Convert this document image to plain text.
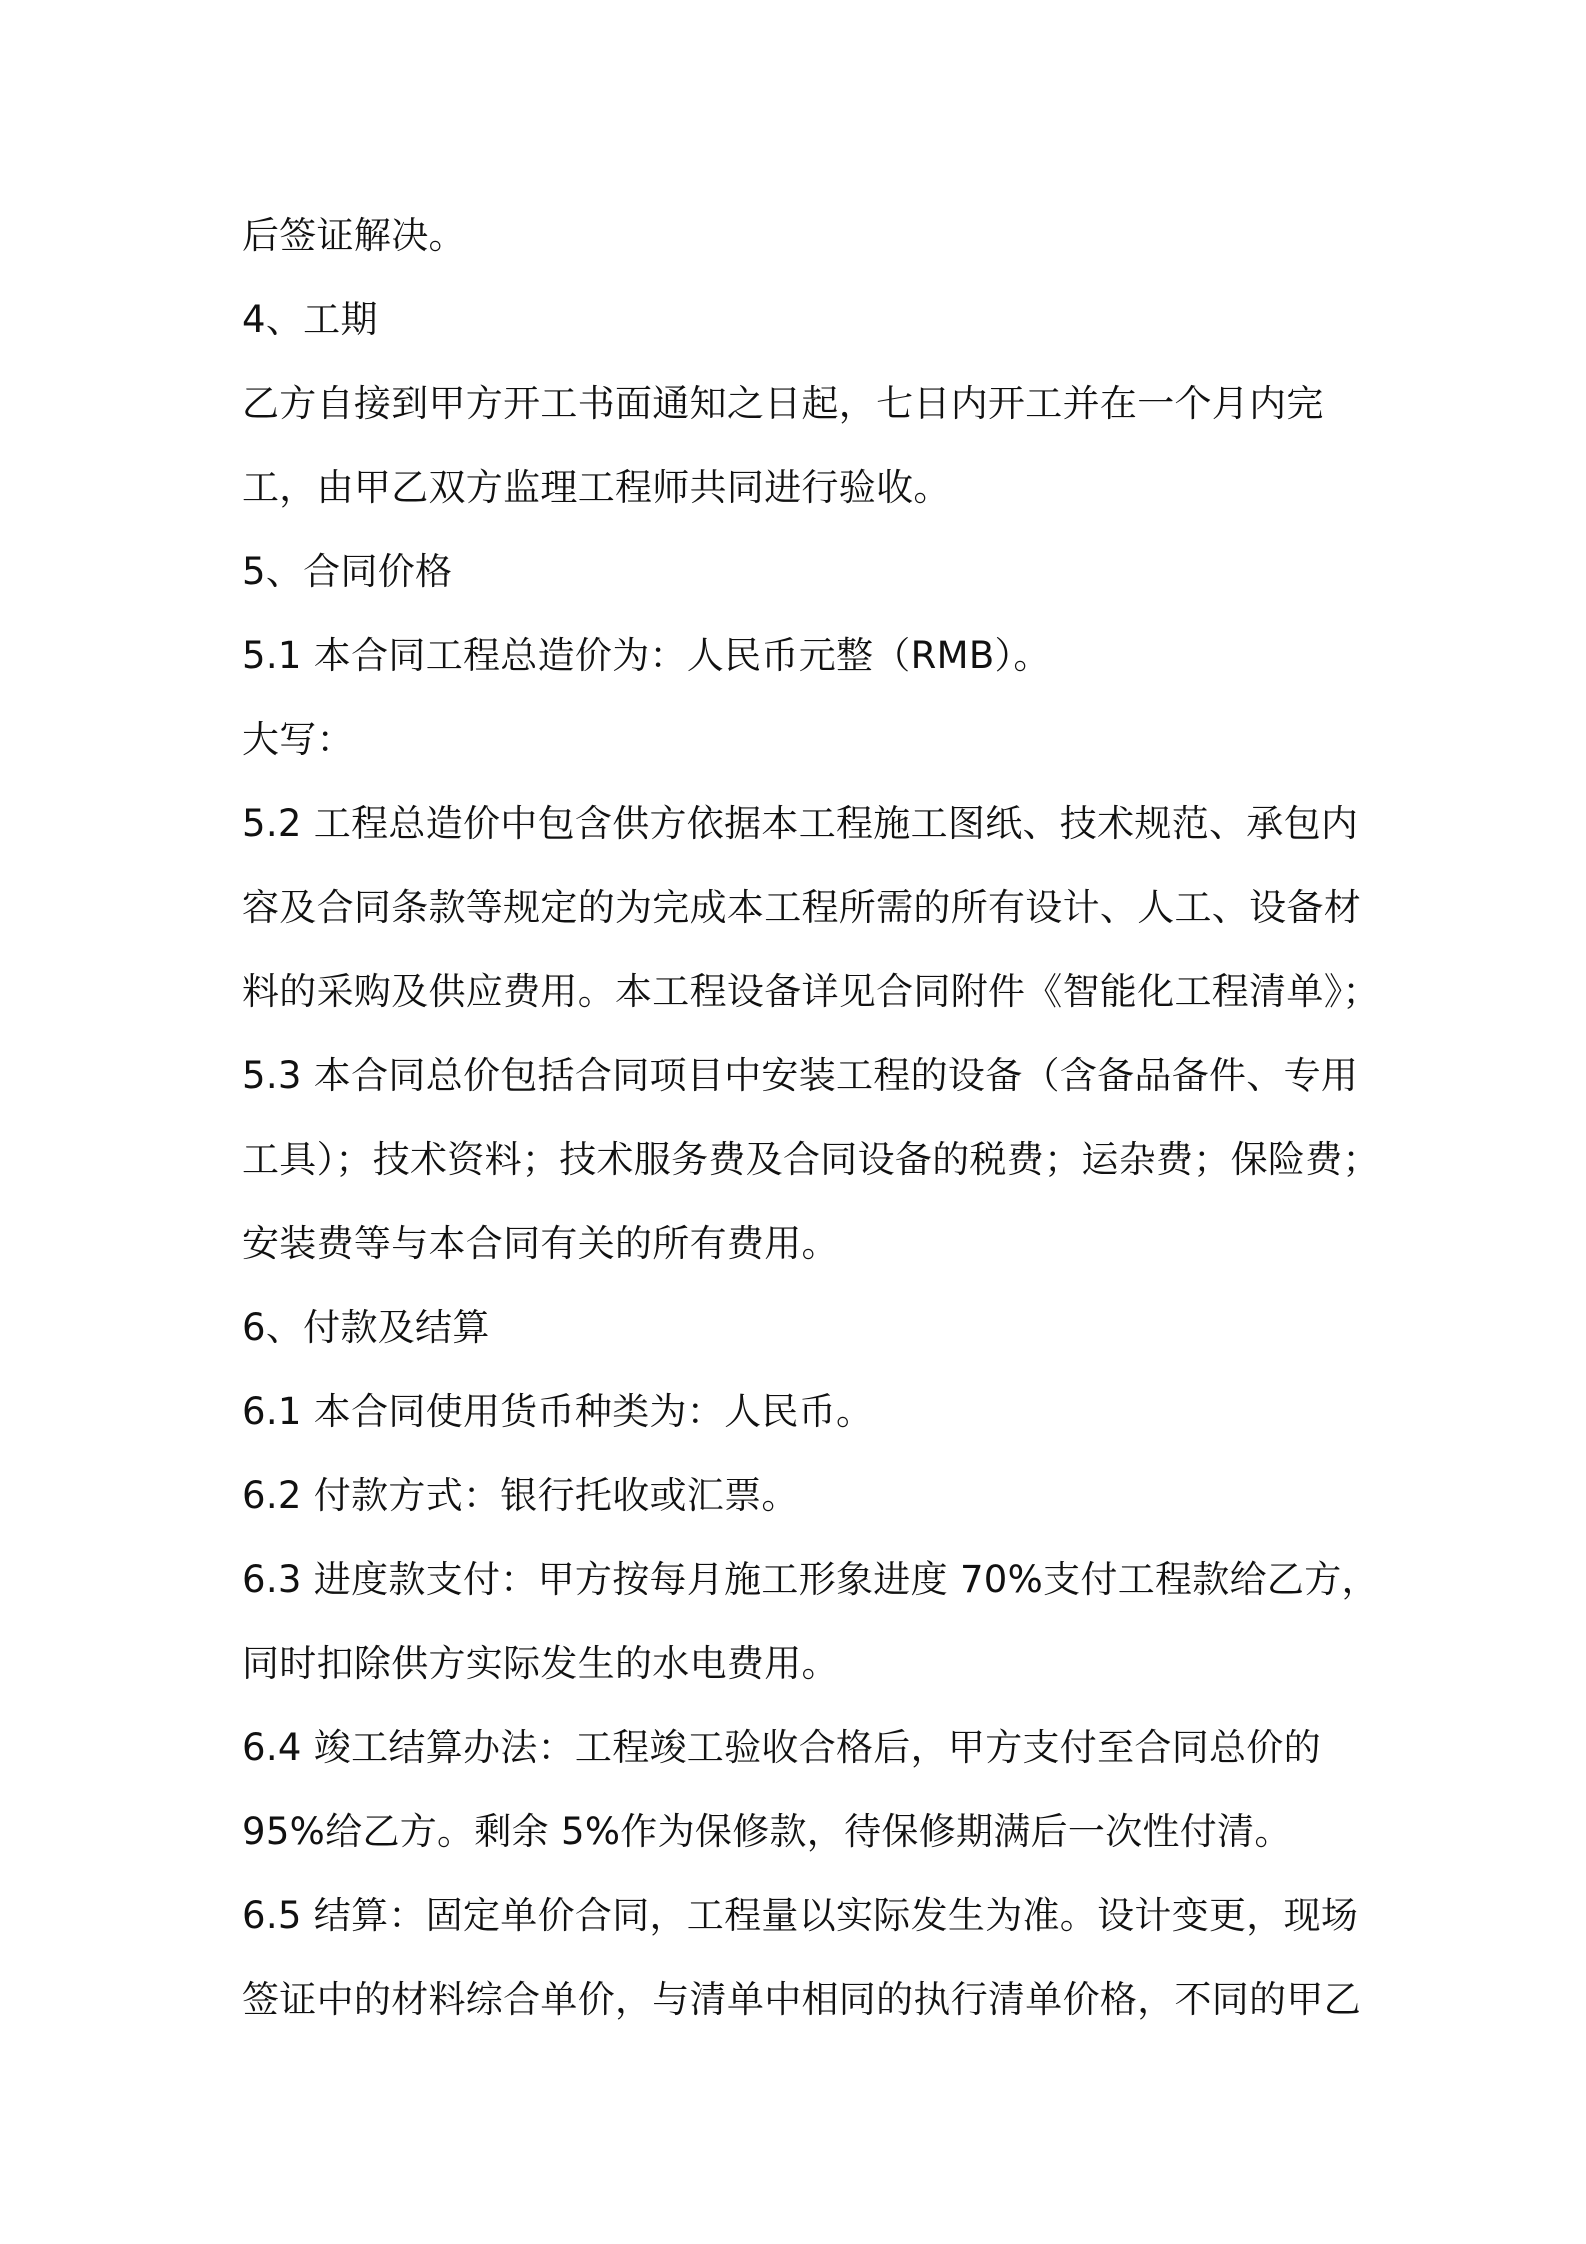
后签证解决。
4、工期
乙方自接到甲方开工书面通知之日起，七日内开工并在一个月内完
工，由甲乙双方监理工程师共同进行验收。
5、合同价格
5.1 本合同工程总造价为：人民币元整（RMB）。
大写：
5.2 工程总造价中包含供方依据本工程施工图纸、技术规范、承包内
容及合同条款等规定的为完成本工程所需的所有设计、人工、设备材
料的采购及供应费用。本工程设备详见合同附件《智能化工程清单》；
5.3 本合同总价包括合同项目中安装工程的设备（含备品备件、专用
工具）；技术资料；技术服务费及合同设备的税费；运杂费；保险费；
安装费等与本合同有关的所有费用。
6、付款及结算
6.1 本合同使用货币种类为：人民币。
6.2 付款方式：银行托收或汇票。
6.3 进度款支付：甲方按每月施工形象进度 70%支付工程款给乙方，
同时扣除供方实际发生的水电费用。
6.4 竣工结算办法：工程竣工验收合格后，甲方支付至合同总价的
95%给乙方。剩余 5%作为保修款，待保修期满后一次性付清。
6.5 结算：固定单价合同，工程量以实际发生为准。设计变更，现场
签证中的材料综合单价，与清单中相同的执行清单价格，不同的甲乙
